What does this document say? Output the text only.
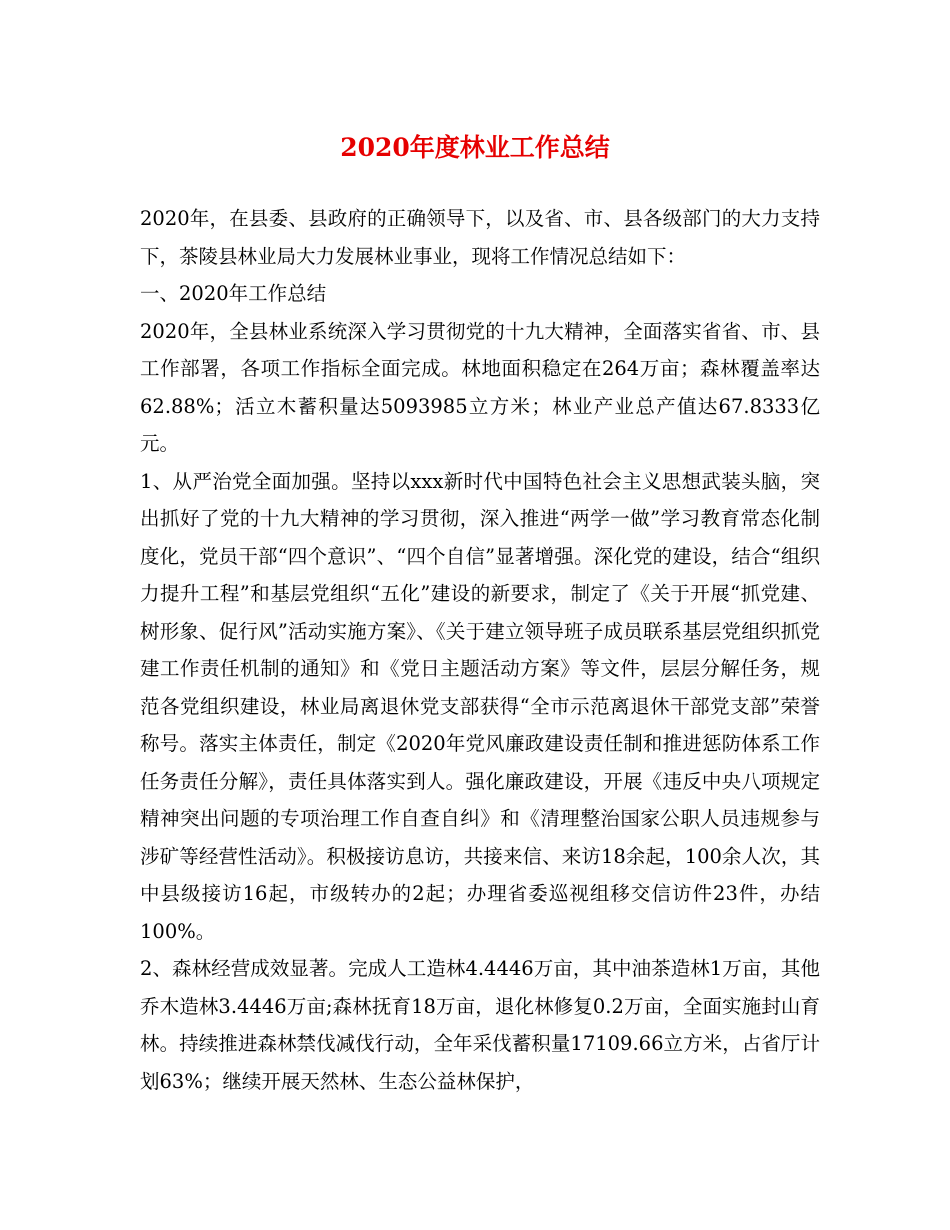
2020年度林业工作总结

2020年，在县委、县政府的正确领导下，以及省、市、县各级部门的大力支持下，茶陵县林业局大力发展林业事业，现将工作情况总结如下：

一、2020年工作总结

2020年，全县林业系统深入学习贯彻党的十九大精神，全面落实省省、市、县工作部署，各项工作指标全面完成。林地面积稳定在264万亩；森林覆盖率达62.88%；活立木蓄积量达5093985立方米；林业产业总产值达67.8333亿元。

1、从严治党全面加强。坚持以xxx新时代中国特色社会主义思想武装头脑，突出抓好了党的十九大精神的学习贯彻，深入推进“两学一做”学习教育常态化制度化，党员干部“四个意识”、“四个自信”显著增强。深化党的建设，结合“组织力提升工程”和基层党组织“五化”建设的新要求，制定了《关于开展“抓党建、树形象、促行风”活动实施方案》、《关于建立领导班子成员联系基层党组织抓党建工作责任机制的通知》和《党日主题活动方案》等文件，层层分解任务，规范各党组织建设，林业局离退休党支部获得“全市示范离退休干部党支部”荣誉称号。落实主体责任，制定《2020年党风廉政建设责任制和推进惩防体系工作任务责任分解》，责任具体落实到人。强化廉政建设，开展《违反中央八项规定精神突出问题的专项治理工作自查自纠》和《清理整治国家公职人员违规参与涉矿等经营性活动》。积极接访息访，共接来信、来访18余起，100余人次，其中县级接访16起，市级转办的2起；办理省委巡视组移交信访件23件，办结100%。

2、森林经营成效显著。完成人工造林4.4446万亩，其中油茶造林1万亩，其他乔木造林3.4446万亩;森林抚育18万亩，退化林修复0.2万亩，全面实施封山育林。持续推进森林禁伐减伐行动，全年采伐蓄积量17109.66立方米，占省厅计划63%；继续开展天然林、生态公益林保护，
